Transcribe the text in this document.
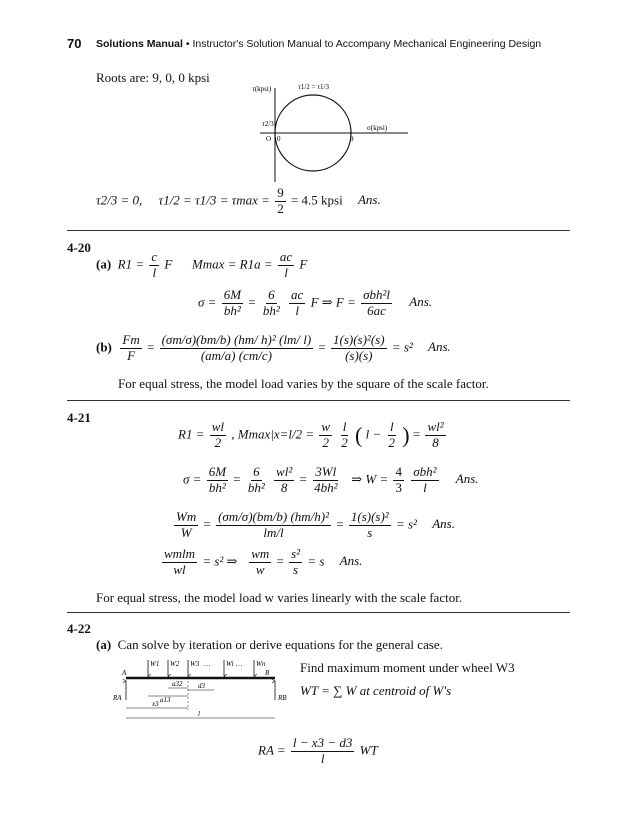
70 Solutions Manual • Instructor's Solution Manual to Accompany Mechanical Engineering Design
Roots are: 9, 0, 0 kpsi
τ(kpsi)	τ1/2 = τ1/3
τ2/3
O 0	9
σ(kpsi)
τ2/3 = 0, $\tau 1/2 = \tau 1/3 = \tau\max = \frac{9}{2} = 4.5$ kpsi Ans.
4-20
(a) $R1 = \frac{c}{l}$ F $Mmax = R1a = \frac{ac}{l}$ F
$\sigma = \frac{6M}{\text{bh²}} = \frac{6}{\text{bh²}}$
$\frac{ac}{l}$ F ⇒ $F = \frac{\text{σbh²l}}{6ac}$ Ans.
$(b) \frac{Fm}{F} = \frac{\text{(σm/σ)(bm/b) (hm/ h)² (lm/ l)}}{(am/a) (cm/c)} = \frac{\text{1(s)(s)²(s)}}{(s)(s)} = s^2$ Ans.
For equal stress, the model load varies by the square of the scale factor.
4-21
$R1 = \frac{wl}{2}$ , $Mmax|x=l/2 = \frac{w}{2}$
$\frac{l}{2}$ ( $l - \frac{l}{2}$ ) = $\frac{\text{wl²}}{8}$
$\sigma = \frac{6M}{\text{bh²}} = \frac{6}{\text{bh²}}$
$\frac{\text{wl²}}{8} = \frac{3Wl}{\text{4bh²}}$ ⇒ $W = \frac{4}{3}$
$\frac{\text{σbh²}}{l}$ Ans.
$\frac{Wm}{W} = \frac{\text{(σm/σ)(bm/b) (hm/h)²}}{lm/l} = \frac{\text{1(s)(s)²}}{s} = s^2$ Ans.
$\frac{\text{wmlm}}{wl} = s^2$ ⇒ $\frac{wm}{w} = \frac{\text{s²}}{s} = s$ Ans.
For equal stress, the model load w varies linearly with the scale factor.
4-22
(a) Can solve by iteration or derive equations for the general case.
W1 W2 W3 … Wi … Wn
A	B
RA	RB
a32
a13
d3
x3
l
Find maximum moment under wheel W3
WT = ∑ W at centroid of W's
RA = $\frac{l - x3 - d3}{l}$ WT
